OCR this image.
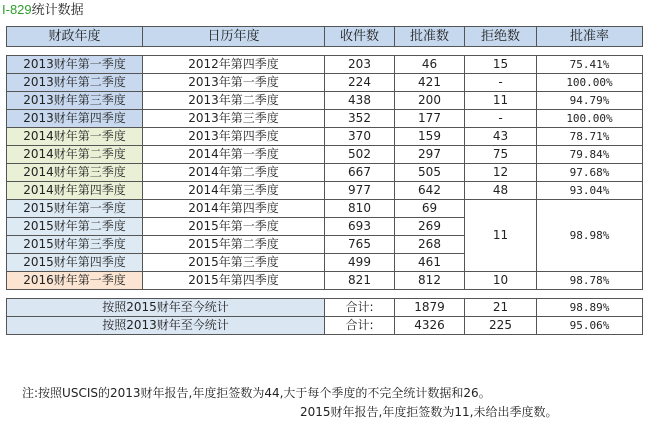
I-829统计数据
财政年度	日历年度	收件数	批准数	拒绝数	批准率

2013财年第一季度	2012年第四季度	203	46	15	75.41%
2013财年第二季度	2013年第一季度	224	421	-	100.00%
2013财年第三季度	2013年第二季度	438	200	11	94.79%
2013财年第四季度	2013年第三季度	352	177	-	100.00%
2014财年第一季度	2013年第四季度	370	159	43	78.71%
2014财年第二季度	2014年第一季度	502	297	75	79.84%
2014财年第三季度	2014年第二季度	667	505	12	97.68%
2014财年第四季度	2014年第三季度	977	642	48	93.04%
2015财年第一季度	2014年第四季度	810	69	11	98.98%
2015财年第二季度	2015年第一季度	693	269		
2015财年第三季度	2015年第二季度	765	268		
2015财年第四季度	2015年第三季度	499	461		
2016财年第一季度	2015年第四季度	821	812	10	98.78%

按照2015财年至今统计		合计:	1879	21	98.89%
按照2013财年至今统计		合计:	4326	225	95.06%
注:按照USCIS的2013财年报告,年度拒签数为44,大于每个季度的不完全统计数据和26。
2015财年报告,年度拒签数为11,未给出季度数。
